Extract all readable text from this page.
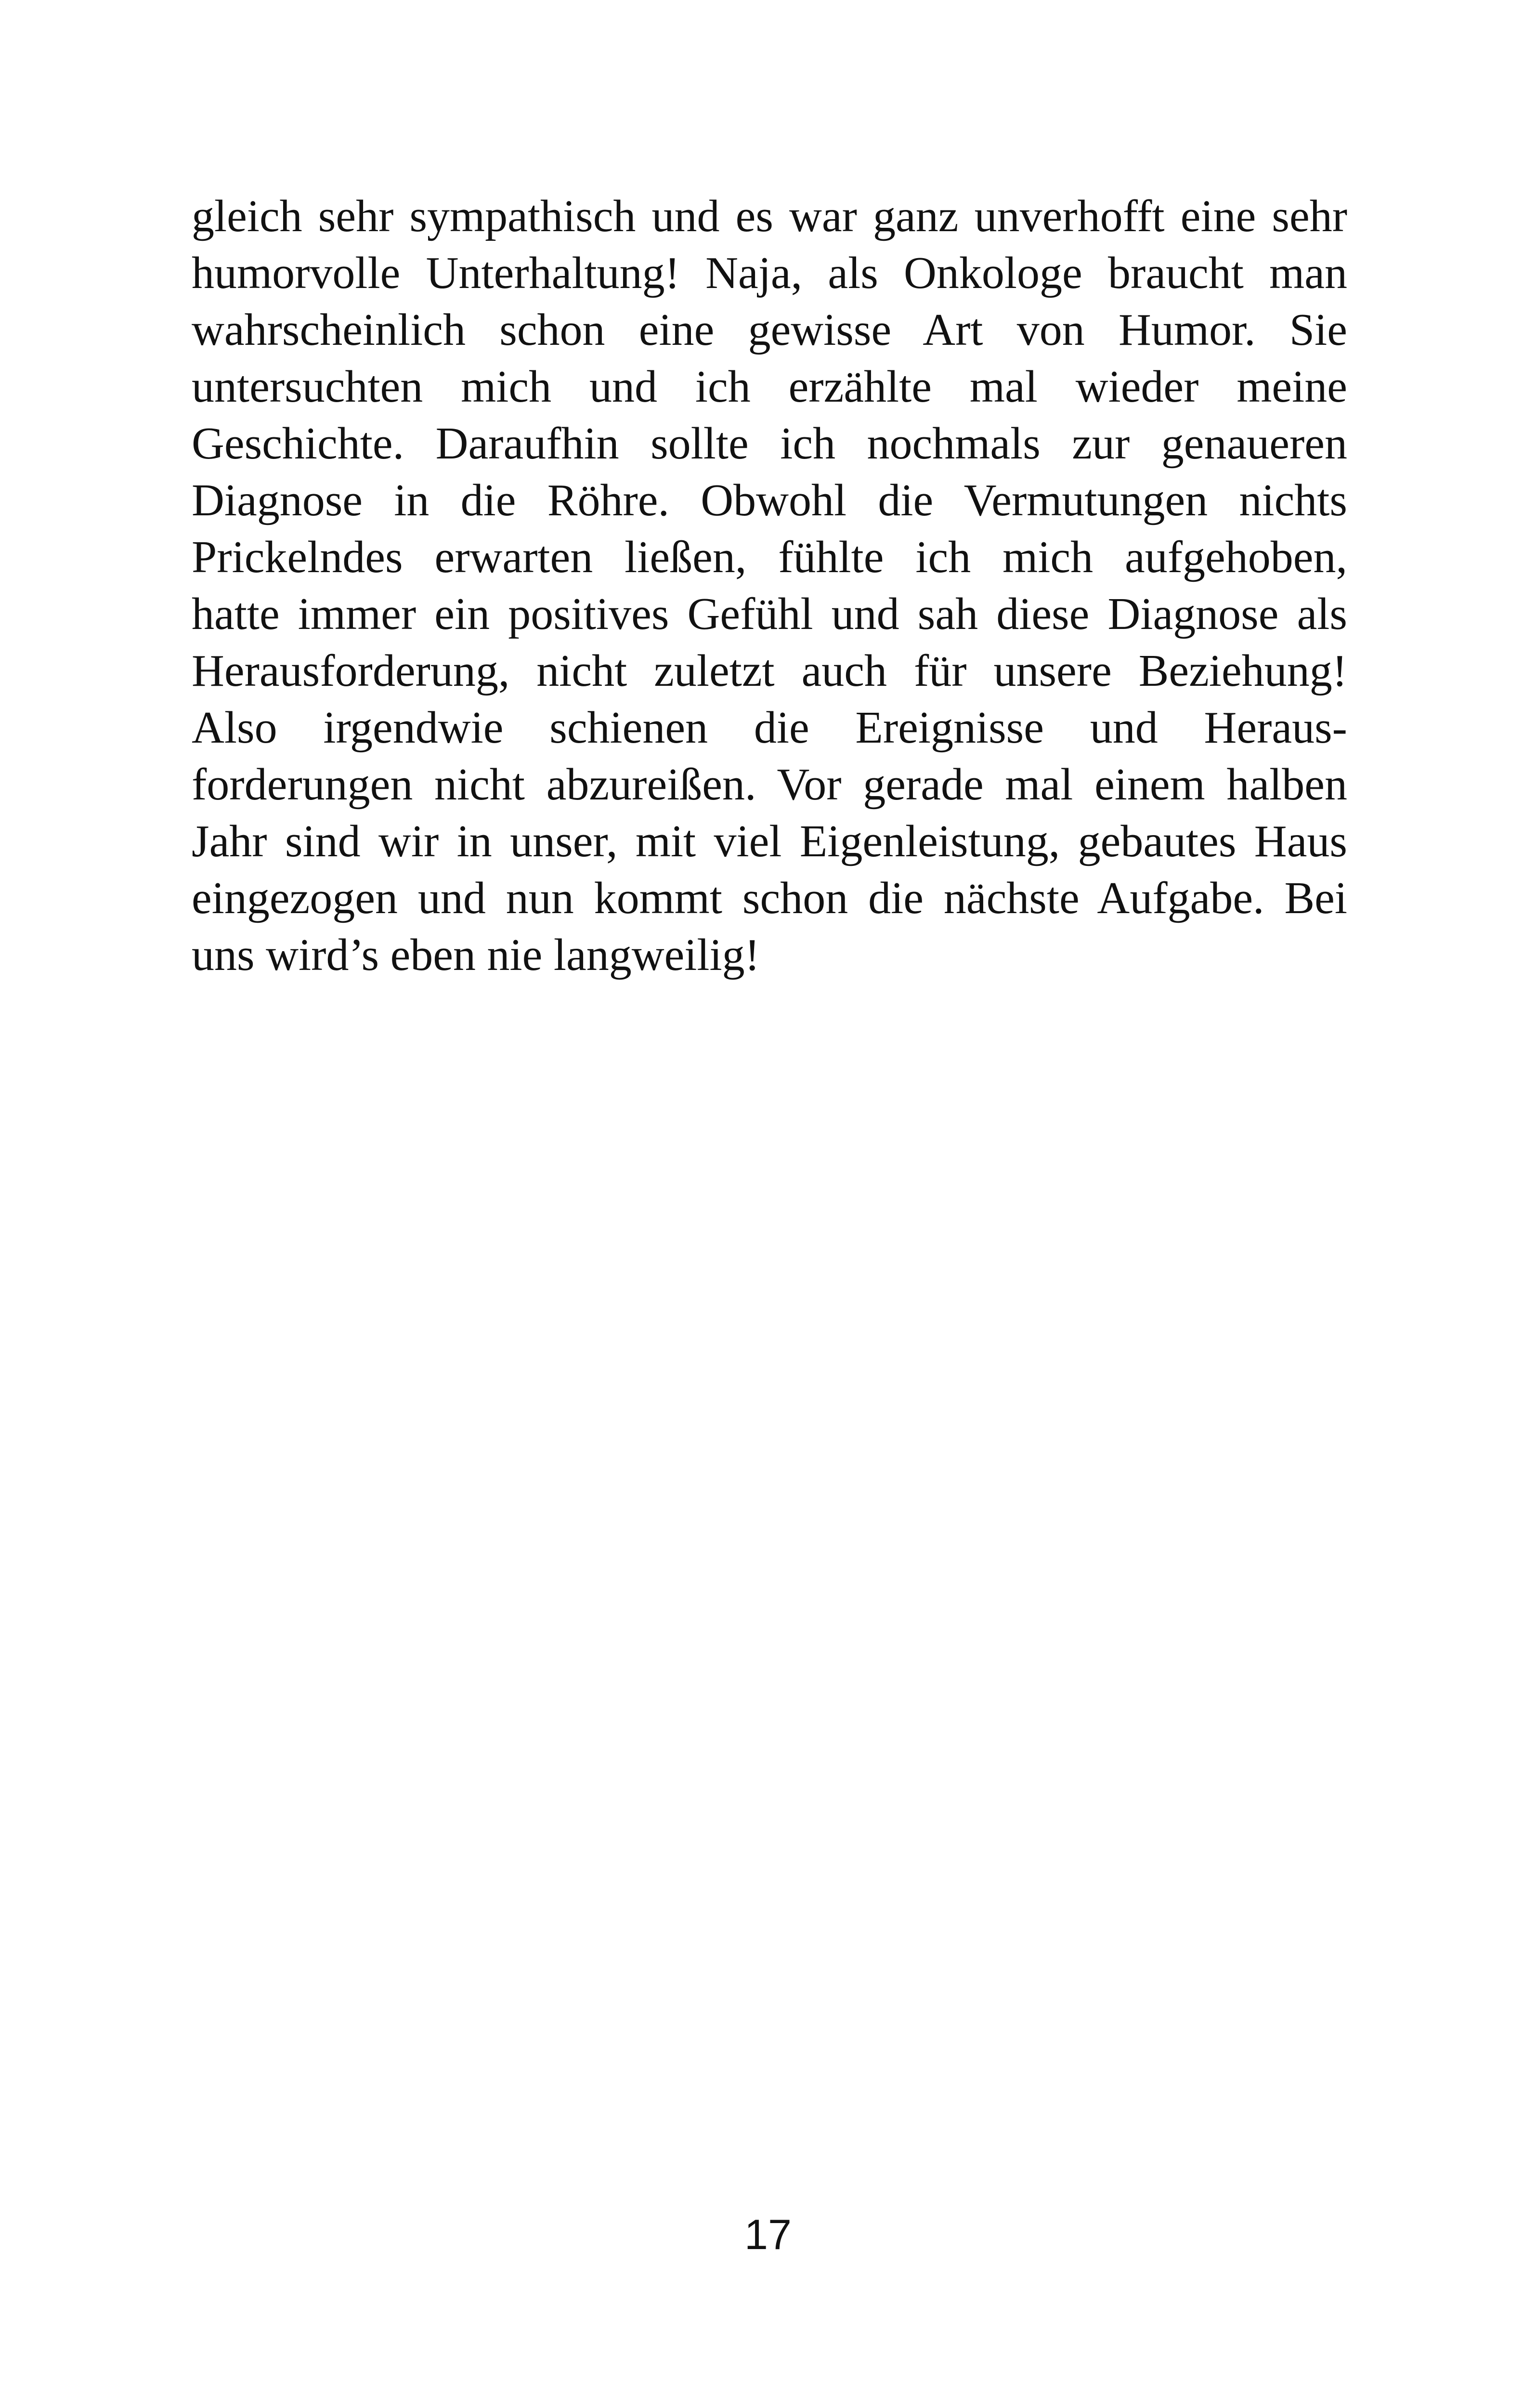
gleich sehr sympathisch und es war ganz unverhofft eine sehr
humorvolle Unterhaltung! Naja, als Onkologe braucht man
wahrscheinlich schon eine gewisse Art von Humor. Sie
untersuchten mich und ich erzählte mal wieder meine
Geschichte. Daraufhin sollte ich nochmals zur genaueren
Diagnose in die Röhre. Obwohl die Vermutungen nichts
Prickelndes erwarten ließen, fühlte ich mich aufgehoben,
hatte immer ein positives Gefühl und sah diese Diagnose als
Herausforderung, nicht zuletzt auch für unsere Beziehung!
Also irgendwie schienen die Ereignisse und Heraus-
forderungen nicht abzureißen. Vor gerade mal einem halben
Jahr sind wir in unser, mit viel Eigenleistung, gebautes Haus
eingezogen und nun kommt schon die nächste Aufgabe. Bei
uns wird’s eben nie langweilig!
17
